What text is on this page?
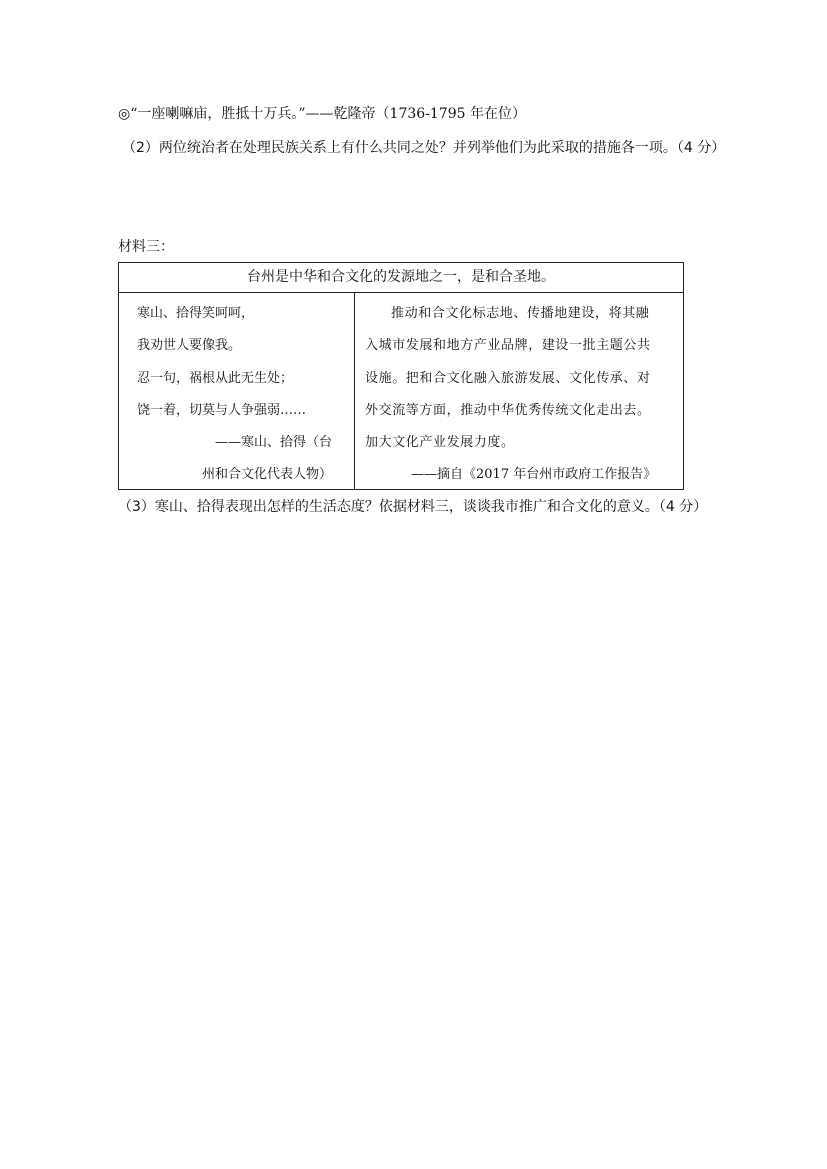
◎“一座喇嘛庙，胜抵十万兵。”——乾隆帝（1736-1795 年在位）
（2）两位统治者在处理民族关系上有什么共同之处？并列举他们为此采取的措施各一项。（4 分）
材料三：
台州是中华和合文化的发源地之一，是和合圣地。
寒山、拾得笑呵呵，
我劝世人要像我。
忍一句，祸根从此无生处；
饶一着，切莫与人争强弱……
——寒山、拾得（台
州和合文化代表人物）
推动和合文化标志地、传播地建设，将其融
入城市发展和地方产业品牌，建设一批主题公共
设施。把和合文化融入旅游发展、文化传承、对
外交流等方面，推动中华优秀传统文化走出去。
加大文化产业发展力度。
——摘自《2017 年台州市政府工作报告》
（3）寒山、拾得表现出怎样的生活态度？依据材料三，谈谈我市推广和合文化的意义。（4 分）
